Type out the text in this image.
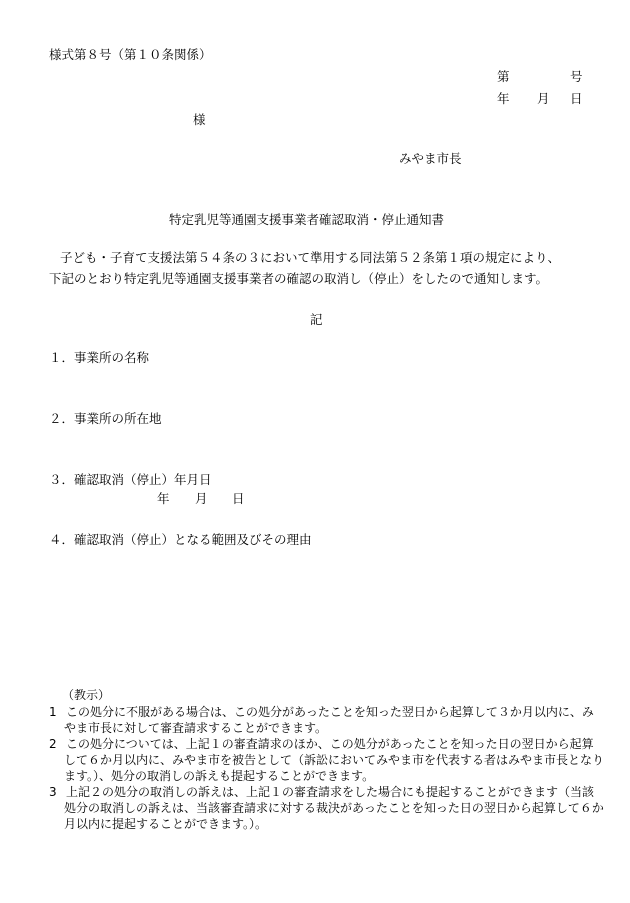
様式第８号（第１０条関係）
第	号
年 月 日
様
みやま市長
特定乳児等通園支援事業者確認取消・停止通知書
子ども・子育て支援法第５４条の３において準用する同法第５２条第１項の規定により、
下記のとおり特定乳児等通園支援事業者の確認の取消し（停止）をしたので通知します。
記
１．事業所の名称
２．事業所の所在地
３．確認取消（停止）年月日
年 月 日
４．確認取消（停止）となる範囲及びその理由
（教示）
1 この処分に不服がある場合は、この処分があったことを知った翌日から起算して３か月以内に、み
やま市長に対して審査請求することができます。
2 この処分については、上記１の審査請求のほか、この処分があったことを知った日の翌日から起算
して６か月以内に、みやま市を被告として（訴訟においてみやま市を代表する者はみやま市長となり
ます。）、処分の取消しの訴えも提起することができます。
3 上記２の処分の取消しの訴えは、上記１の審査請求をした場合にも提起することができます（当該
処分の取消しの訴えは、当該審査請求に対する裁決があったことを知った日の翌日から起算して６か
月以内に提起することができます。）。
